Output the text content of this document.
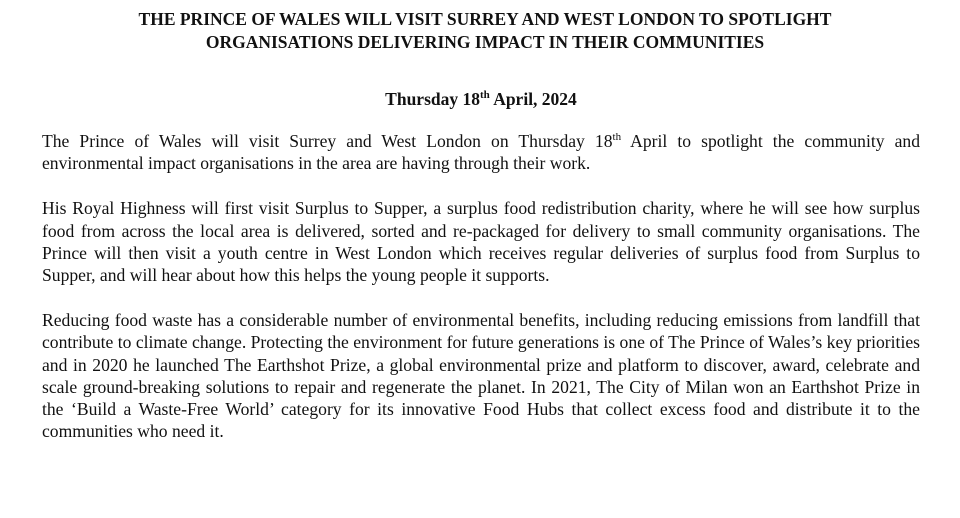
THE PRINCE OF WALES WILL VISIT SURREY AND WEST LONDON TO SPOTLIGHT
ORGANISATIONS DELIVERING IMPACT IN THEIR COMMUNITIES

Thursday 18th April, 2024

The Prince of Wales will visit Surrey and West London on Thursday 18th April to spotlight the community and environmental impact organisations in the area are having through their work.

His Royal Highness will first visit Surplus to Supper, a surplus food redistribution charity, where he will see how surplus food from across the local area is delivered, sorted and re-packaged for delivery to small community organisations. The Prince will then visit a youth centre in West London which receives regular deliveries of surplus food from Surplus to Supper, and will hear about how this helps the young people it supports.

Reducing food waste has a considerable number of environmental benefits, including reducing emissions from landfill that contribute to climate change. Protecting the environment for future generations is one of The Prince of Wales’s key priorities and in 2020 he launched The Earthshot Prize, a global environmental prize and platform to discover, award, celebrate and scale ground-breaking solutions to repair and regenerate the planet. In 2021, The City of Milan won an Earthshot Prize in the ‘Build a Waste-Free World’ category for its innovative Food Hubs that collect excess food and distribute it to the communities who need it.
